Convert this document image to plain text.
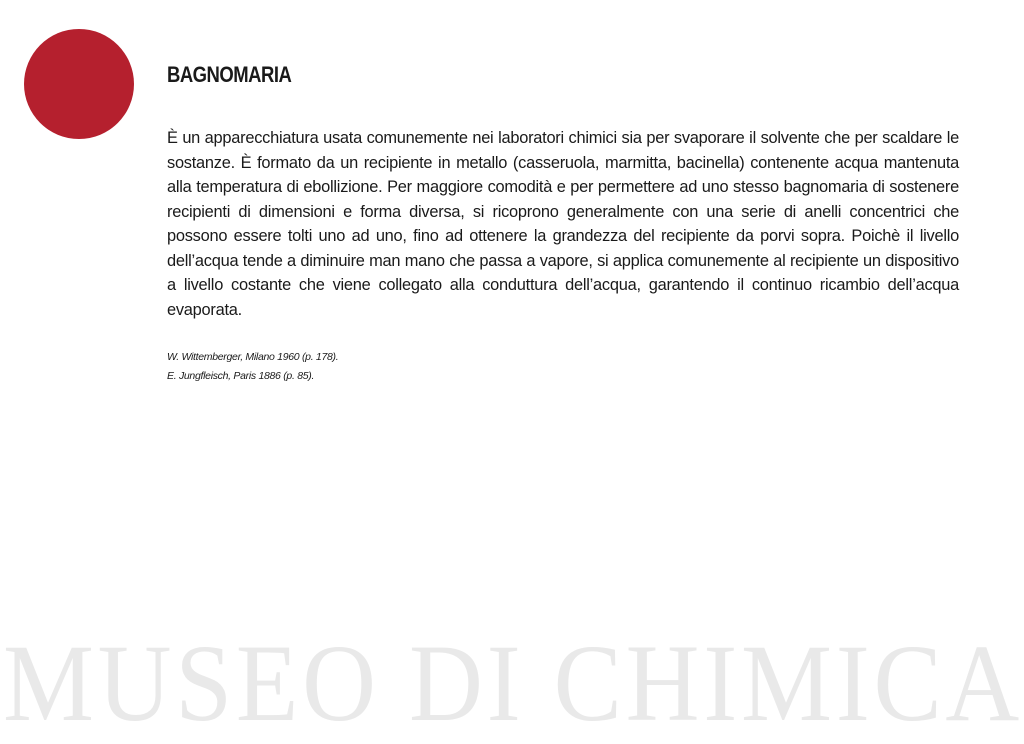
BAGNOMARIA

È un apparecchiatura usata comunemente nei laboratori chimici sia per svaporare il solvente che per scaldare le sostanze. È formato da un recipiente in metallo (casseruola, marmitta, bacinella) contenente acqua mantenuta alla temperatura di ebollizione. Per maggiore comodità e per permettere ad uno stesso bagnomaria di sostenere recipienti di dimensioni e forma diversa, si ricoprono generalmente con una serie di anelli concentrici che possono essere tolti uno ad uno, fino ad ottenere la grandezza del recipiente da porvi sopra. Poichè il livello dell’acqua tende a diminuire man mano che passa a vapore, si applica comunemente al recipiente un dispositivo a livello costante che viene collegato alla conduttura dell’acqua, garantendo il continuo ricambio dell’acqua evaporata.

W. Wittemberger, Milano 1960 (p. 178).
E. Jungfleisch, Paris 1886 (p. 85).
MUSEO DI CHIMICA
